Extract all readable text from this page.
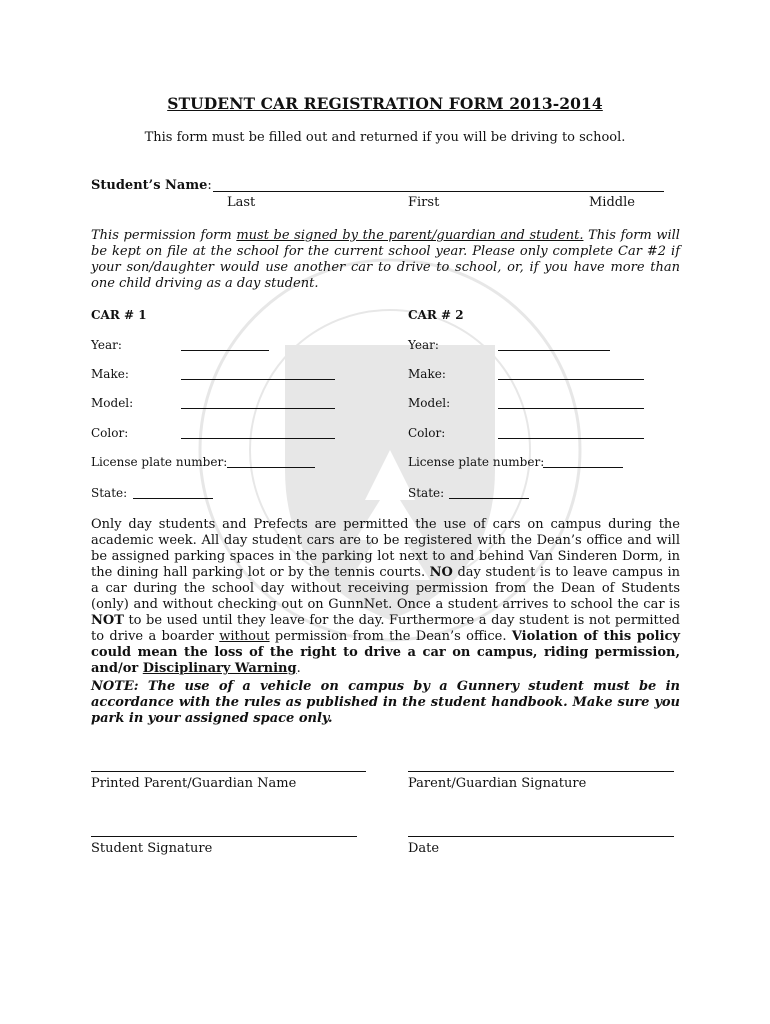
STUDENT CAR REGISTRATION FORM 2013-2014
This form must be filled out and returned if you will be driving to school.
Student’s Name:
Last	First	Middle
This permission form must be signed by the parent/guardian and student. This form will be kept on file at the school for the current school year. Please only complete Car #2 if your son/daughter would use another car to drive to school, or, if you have more than one child driving as a day student.
CAR # 1
Year:
Make:
Model:
Color:
License plate number:
State:
CAR # 2
Year:
Make:
Model:
Color:
License plate number:
State:
Only day students and Prefects are permitted the use of cars on campus during the academic week. All day student cars are to be registered with the Dean’s office and will be assigned parking spaces in the parking lot next to and behind Van Sinderen Dorm, in the dining hall parking lot or by the tennis courts. NO day student is to leave campus in a car during the school day without receiving permission from the Dean of Students (only) and without checking out on GunnNet. Once a student arrives to school the car is NOT to be used until they leave for the day. Furthermore a day student is not permitted to drive a boarder without permission from the Dean’s office. Violation of this policy could mean the loss of the right to drive a car on campus, riding permission, and/or Disciplinary Warning.
NOTE: The use of a vehicle on campus by a Gunnery student must be in accordance with the rules as published in the student handbook. Make sure you park in your assigned space only.
Printed Parent/Guardian Name	Parent/Guardian Signature
Student Signature	Date
